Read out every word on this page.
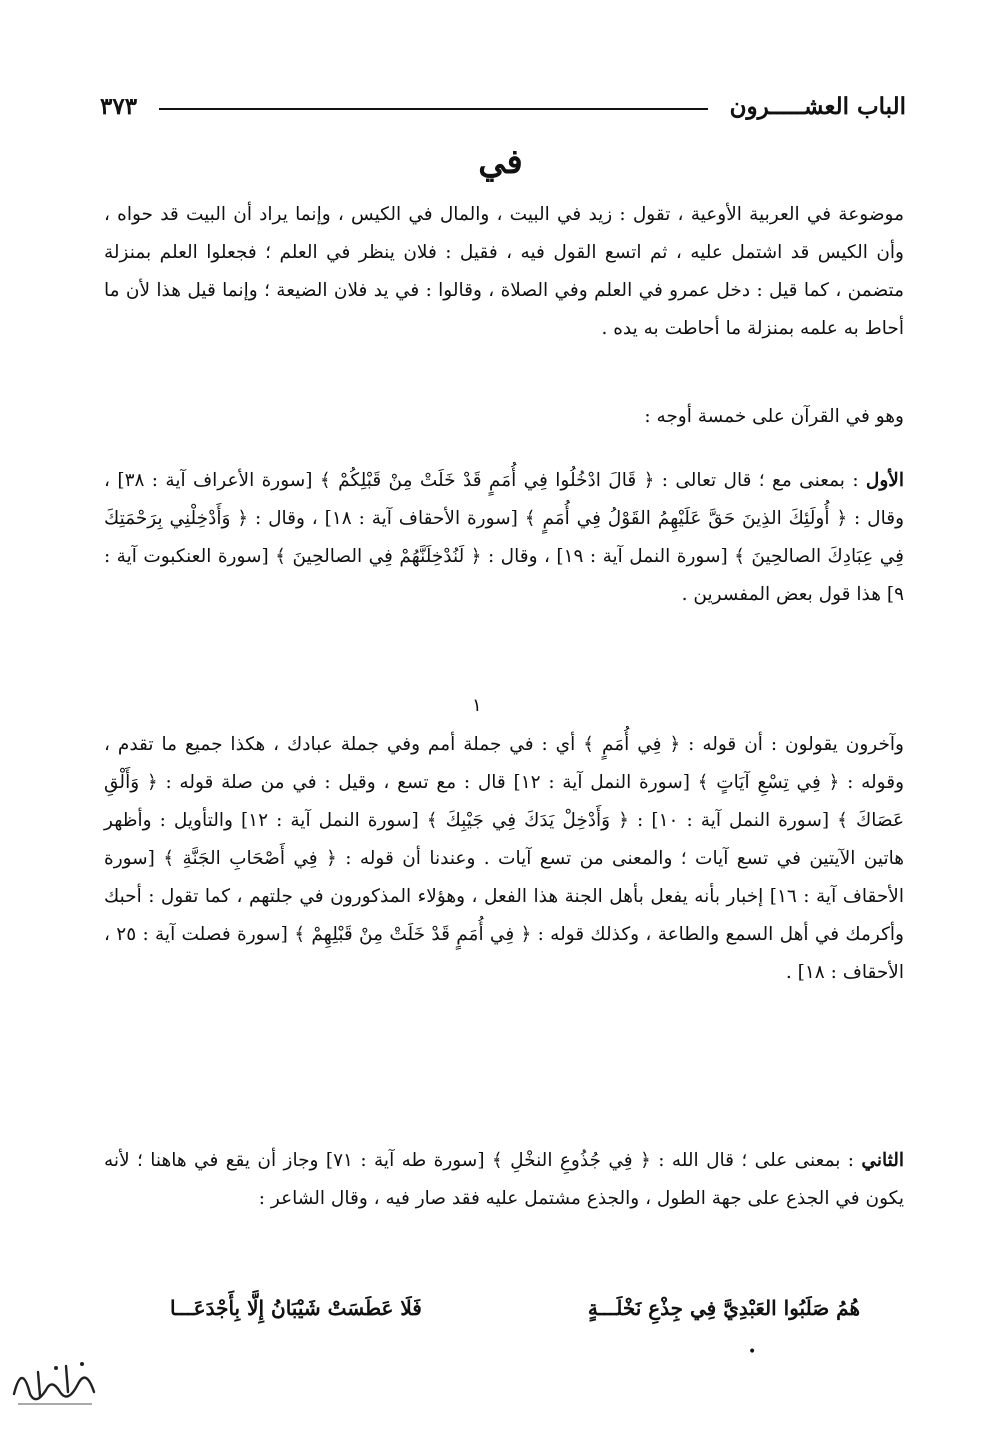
الباب العشـــــرون
٣٧٣
في

موضوعة في العربية الأوعية ، تقول : زيد في البيت ، والمال في الكيس ، وإنما يراد أن البيت قد حواه ، وأن الكيس قد اشتمل عليه ، ثم اتسع القول فيه ، فقيل : فلان ينظر في العلم ؛ فجعلوا العلم بمنزلة متضمن ، كما قيل : دخل عمرو في العلم وفي الصلاة ، وقالوا : في يد فلان الضيعة ؛ وإنما قيل هذا لأن ما أحاط به علمه بمنزلة ما أحاطت به يده .

وهو في القرآن على خمسة أوجه :

الأول : بمعنى مع ؛ قال تعالى : ﴿ قَالَ ادْخُلُوا فِي أُمَمٍ قَدْ خَلَتْ مِنْ قَبْلِكُمْ ﴾ [سورة الأعراف آية : ٣٨] ، وقال : ﴿ أُولَئِكَ الذِينَ حَقَّ عَلَيْهِمُ القَوْلُ فِي أُمَمٍ ﴾ [سورة الأحقاف آية : ١٨] ، وقال : ﴿ وَأَدْخِلْنِي بِرَحْمَتِكَ فِي عِبَادِكَ الصالحِينَ ﴾ [سورة النمل آية : ١٩] ، وقال : ﴿ لَنُدْخِلَنَّهُمْ فِي الصالحِينَ ﴾ [سورة العنكبوت آية : ٩] هذا قول بعض المفسرين .

وآخرون يقولون : أن قوله : ﴿ فِي أُمَمٍ ﴾ أي : في جملة أمم وفي جملة عبادك ، هكذا جميع ما تقدم ، وقوله : ﴿ فِي تِسْعِ آيَاتٍ ﴾ [سورة النمل آية : ١٢] قال : مع تسع ، وقيل : في من صلة قوله : ﴿ وَأَلْقِ عَصَاكَ ﴾ [سورة النمل آية : ١٠] : ﴿ وَأَدْخِلْ يَدَكَ فِي جَيْبِكَ ﴾ [سورة النمل آية : ١٢] والتأويل : وأظهر هاتين الآيتين في تسع آيات ؛ والمعنى من تسع آيات . وعندنا أن قوله : ﴿ فِي أَصْحَابِ الجَنَّةِ ﴾ [سورة الأحقاف آية : ١٦] إخبار بأنه يفعل بأهل الجنة هذا الفعل ، وهؤلاء المذكورون في جلتهم ، كما تقول : أحبك وأكرمك في أهل السمع والطاعة ، وكذلك قوله : ﴿ فِي أُمَمٍ قَدْ خَلَتْ مِنْ قَبْلِهِمْ ﴾ [سورة فصلت آية : ٢٥ ، الأحقاف : ١٨] .

الثاني : بمعنى على ؛ قال الله : ﴿ فِي جُذُوعِ النخْلِ ﴾ [سورة طه آية : ٧١] وجاز أن يقع في هاهنا ؛ لأنه يكون في الجذع على جهة الطول ، والجذع مشتمل عليه فقد صار فيه ، وقال الشاعر :

هُمُ صَلَبُوا العَبْدِيَّ فِي جِذْعِ نَخْلَـــةٍ
فَلَا عَطَسَتْ شَيْبَانُ إِلَّا بِأَجْدَعَـــا
١
•
